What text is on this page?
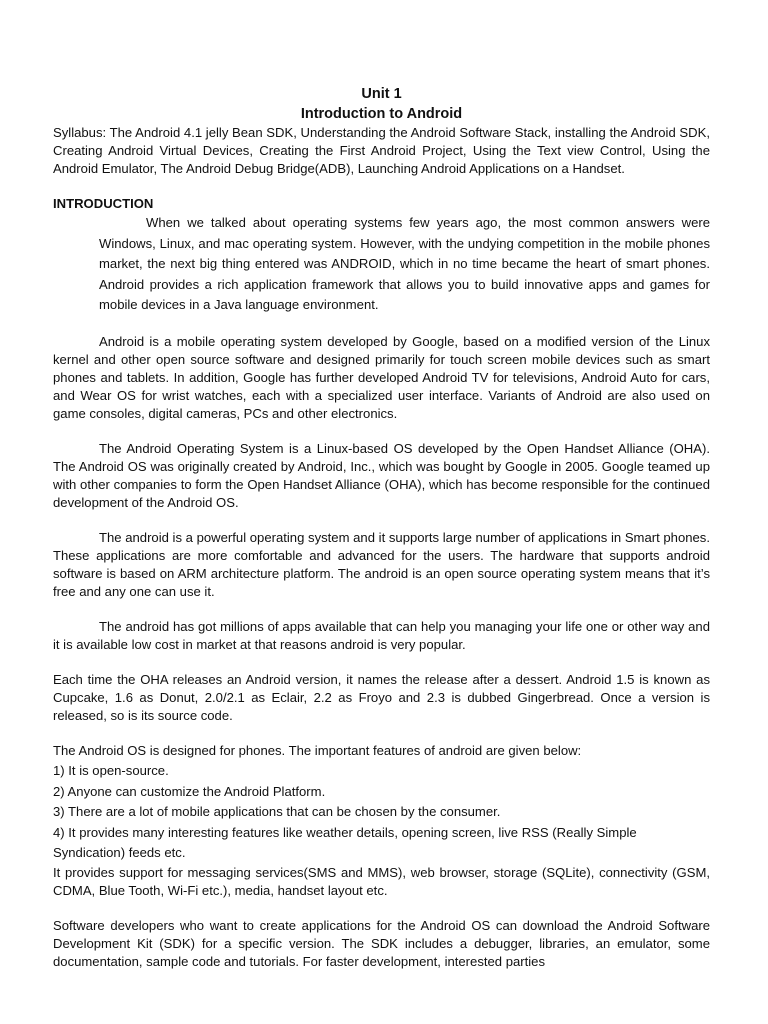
Unit 1
Introduction to Android

Syllabus: The Android 4.1 jelly Bean SDK, Understanding the Android Software Stack, installing the Android SDK, Creating Android Virtual Devices, Creating the First Android Project, Using the Text view Control, Using the Android Emulator, The Android Debug Bridge(ADB), Launching Android Applications on a Handset.

INTRODUCTION

When we talked about operating systems few years ago, the most common answers were Windows, Linux, and mac operating system. However, with the undying competition in the mobile phones market, the next big thing entered was ANDROID, which in no time became the heart of smart phones. Android provides a rich application framework that allows you to build innovative apps and games for mobile devices in a Java language environment.

Android is a mobile operating system developed by Google, based on a modified version of the Linux kernel and other open source software and designed primarily for touch screen mobile devices such as smart phones and tablets. In addition, Google has further developed Android TV for televisions, Android Auto for cars, and Wear OS for wrist watches, each with a specialized user interface. Variants of Android are also used on game consoles, digital cameras, PCs and other electronics.

The Android Operating System is a Linux-based OS developed by the Open Handset Alliance (OHA). The Android OS was originally created by Android, Inc., which was bought by Google in 2005. Google teamed up with other companies to form the Open Handset Alliance (OHA), which has become responsible for the continued development of the Android OS.

The android is a powerful operating system and it supports large number of applications in Smart phones. These applications are more comfortable and advanced for the users. The hardware that supports android software is based on ARM architecture platform. The android is an open source operating system means that it’s free and any one can use it.

The android has got millions of apps available that can help you managing your life one or other way and it is available low cost in market at that reasons android is very popular.

Each time the OHA releases an Android version, it names the release after a dessert. Android 1.5 is known as Cupcake, 1.6 as Donut, 2.0/2.1 as Eclair, 2.2 as Froyo and 2.3 is dubbed Gingerbread. Once a version is released, so is its source code.

The Android OS is designed for phones. The important features of android are given below:

1) It is open-source.

2) Anyone can customize the Android Platform.

3) There are a lot of mobile applications that can be chosen by the consumer.

4) It provides many interesting features like weather details, opening screen, live RSS (Really Simple Syndication) feeds etc.

It provides support for messaging services(SMS and MMS), web browser, storage (SQLite), connectivity (GSM, CDMA, Blue Tooth, Wi-Fi etc.), media, handset layout etc.

Software developers who want to create applications for the Android OS can download the Android Software Development Kit (SDK) for a specific version. The SDK includes a debugger, libraries, an emulator, some documentation, sample code and tutorials. For faster development, interested parties
